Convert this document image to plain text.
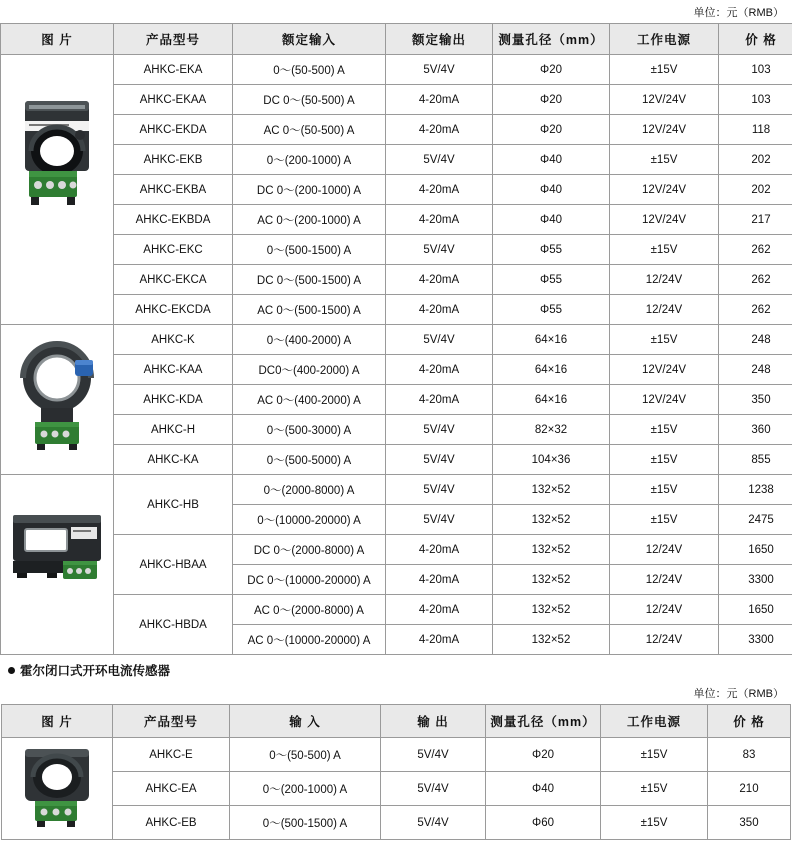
单位：元（RMB）
图 片	产品型号	额定输入	额定输出	测量孔径（mm）	工作电源	价 格

	AHKC-EKA	0～(50-500) A	5V/4V	Φ20	±15V	103
	AHKC-EKAA	DC 0～(50-500) A	4-20mA	Φ20	12V/24V	103
	AHKC-EKDA	AC 0～(50-500) A	4-20mA	Φ20	12V/24V	118
	AHKC-EKB	0～(200-1000) A	5V/4V	Φ40	±15V	202
	AHKC-EKBA	DC 0～(200-1000) A	4-20mA	Φ40	12V/24V	202
	AHKC-EKBDA	AC 0～(200-1000) A	4-20mA	Φ40	12V/24V	217
	AHKC-EKC	0～(500-1500) A	5V/4V	Φ55	±15V	262
	AHKC-EKCA	DC 0～(500-1500) A	4-20mA	Φ55	12/24V	262
	AHKC-EKCDA	AC 0～(500-1500) A	4-20mA	Φ55	12/24V	262

	AHKC-K	0～(400-2000) A	5V/4V	64×16	±15V	248
	AHKC-KAA	DC0～(400-2000) A	4-20mA	64×16	12V/24V	248
	AHKC-KDA	AC 0～(400-2000) A	4-20mA	64×16	12V/24V	350
	AHKC-H	0～(500-3000) A	5V/4V	82×32	±15V	360
	AHKC-KA	0～(500-5000) A	5V/4V	104×36	±15V	855

	AHKC-HB	0～(2000-8000) A	5V/4V	132×52	±15V	1238
		0～(10000-20000) A	5V/4V	132×52	±15V	2475
	AHKC-HBAA	DC 0～(2000-8000) A	4-20mA	132×52	12/24V	1650
		DC 0～(10000-20000) A	4-20mA	132×52	12/24V	3300
	AHKC-HBDA	AC 0～(2000-8000) A	4-20mA	132×52	12/24V	1650
		AC 0～(10000-20000) A	4-20mA	132×52	12/24V	3300
霍尔闭口式开环电流传感器
单位：元（RMB）
图 片	产品型号	输 入	输 出	测量孔径（mm）	工作电源	价 格

	AHKC-E	0～(50-500) A	5V/4V	Φ20	±15V	83
	AHKC-EA	0～(200-1000) A	5V/4V	Φ40	±15V	210
	AHKC-EB	0～(500-1500) A	5V/4V	Φ60	±15V	350
